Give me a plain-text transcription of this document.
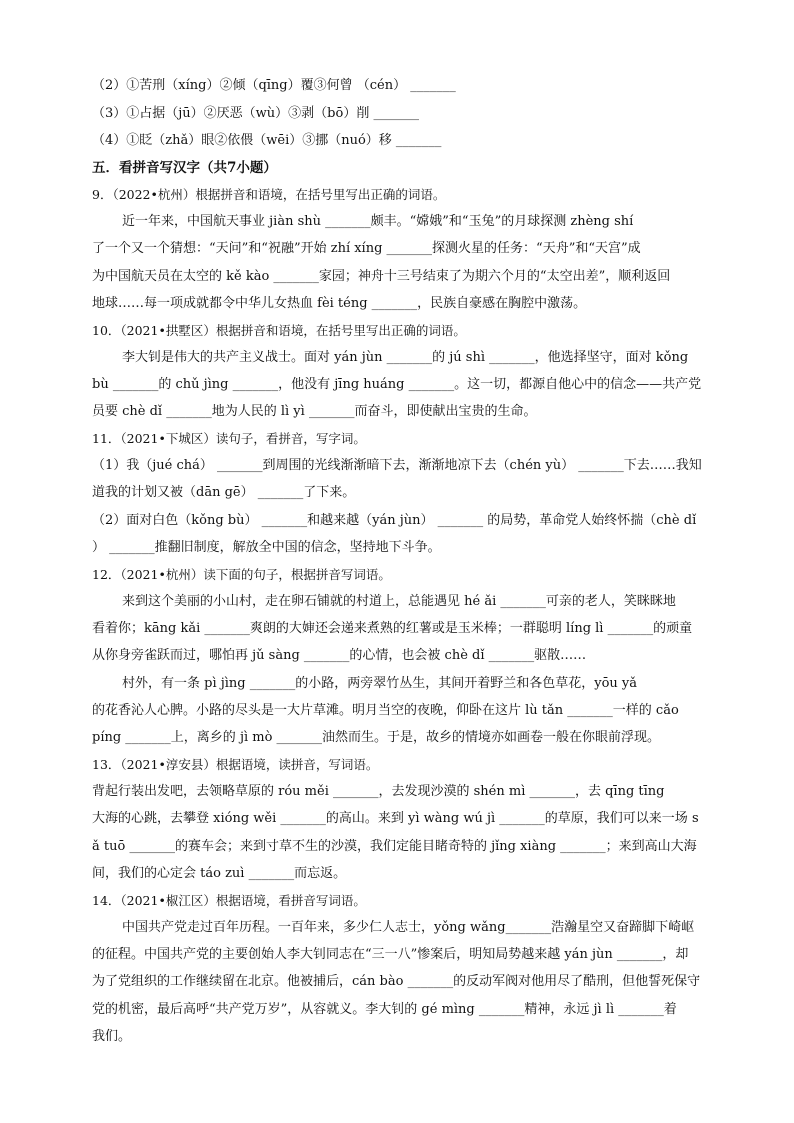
（2）①苦刑（xíng）②倾（qīng）覆③何曾 （cén） _______
（3）①占据（jū）②厌恶（wù）③剥（bō）削 _______
（4）①眨（zhǎ）眼②依偎（wēi）③挪（nuó）移 _______
五．看拼音写汉字（共7小题）
9．（2022•杭州）根据拼音和语境，在括号里写出正确的词语。
近一年来，中国航天事业 jiàn shù _______颇丰。“嫦娥”和“玉兔”的月球探测 zhèng shí
了一个又一个猜想：“天问”和“祝融”开始 zhí xíng _______探测火星的任务：“天舟”和“天宫”成
为中国航天员在太空的 kě kào _______家园；神舟十三号结束了为期六个月的“太空出差”，顺利返回
地球……每一项成就都令中华儿女热血 fèi téng _______，民族自豪感在胸腔中激荡。
10．（2021•拱墅区）根据拼音和语境，在括号里写出正确的词语。
李大钊是伟大的共产主义战士。面对 yán jùn _______的 jú shì _______，他选择坚守，面对 kǒng
bù _______的 chǔ jìng _______，他没有 jīng huáng _______。这一切，都源自他心中的信念——共产党
员要 chè dǐ _______地为人民的 lì yì _______而奋斗，即使献出宝贵的生命。
11．（2021•下城区）读句子，看拼音，写字词。
（1）我（jué chá） _______到周围的光线渐渐暗下去，渐渐地凉下去（chén yù） _______下去……我知
道我的计划又被（dān gē） _______了下来。
（2）面对白色（kǒng bù） _______和越来越（yán jùn） _______ 的局势，革命党人始终怀揣（chè dǐ
） _______推翻旧制度，解放全中国的信念，坚持地下斗争。
12．（2021•杭州）读下面的句子，根据拼音写词语。
来到这个美丽的小山村，走在卵石铺就的村道上，总能遇见 hé ǎi _______可亲的老人，笑眯眯地
看着你；kāng kǎi _______爽朗的大婶还会递来煮熟的红薯或是玉米棒；一群聪明 líng lì _______的顽童
从你身旁雀跃而过，哪怕再 jǔ sàng _______的心情，也会被 chè dǐ _______驱散……
村外，有一条 pì jìng _______的小路，两旁翠竹丛生，其间开着野兰和各色草花，yōu yǎ
的花香沁人心脾。小路的尽头是一大片草滩。明月当空的夜晚，仰卧在这片 lù tǎn _______一样的 cǎo
píng _______上，离乡的 jì mò _______油然而生。于是，故乡的情境亦如画卷一般在你眼前浮现。
13．（2021•淳安县）根据语境，读拼音，写词语。
背起行装出发吧，去领略草原的 róu měi _______，去发现沙漠的 shén mì _______，去 qīng tīng
大海的心跳，去攀登 xióng wěi _______的高山。来到 yì wàng wú jì _______的草原，我们可以来一场 s
ǎ tuō _______的赛车会；来到寸草不生的沙漠，我们定能目睹奇特的 jǐng xiàng _______；来到高山大海
间，我们的心定会 táo zuì _______而忘返。
14．（2021•椒江区）根据语境，看拼音写词语。
中国共产党走过百年历程。一百年来，多少仁人志士，yǒng wǎng_______浩瀚星空又奋蹄脚下崎岖
的征程。中国共产党的主要创始人李大钊同志在“三一八”惨案后，明知局势越来越 yán jùn _______，却
为了党组织的工作继续留在北京。他被捕后，cán bào _______的反动军阀对他用尽了酷刑，但他誓死保守
党的机密，最后高呼“共产党万岁”，从容就义。李大钊的 gé mìng _______精神，永远 jì lì _______着
我们。
